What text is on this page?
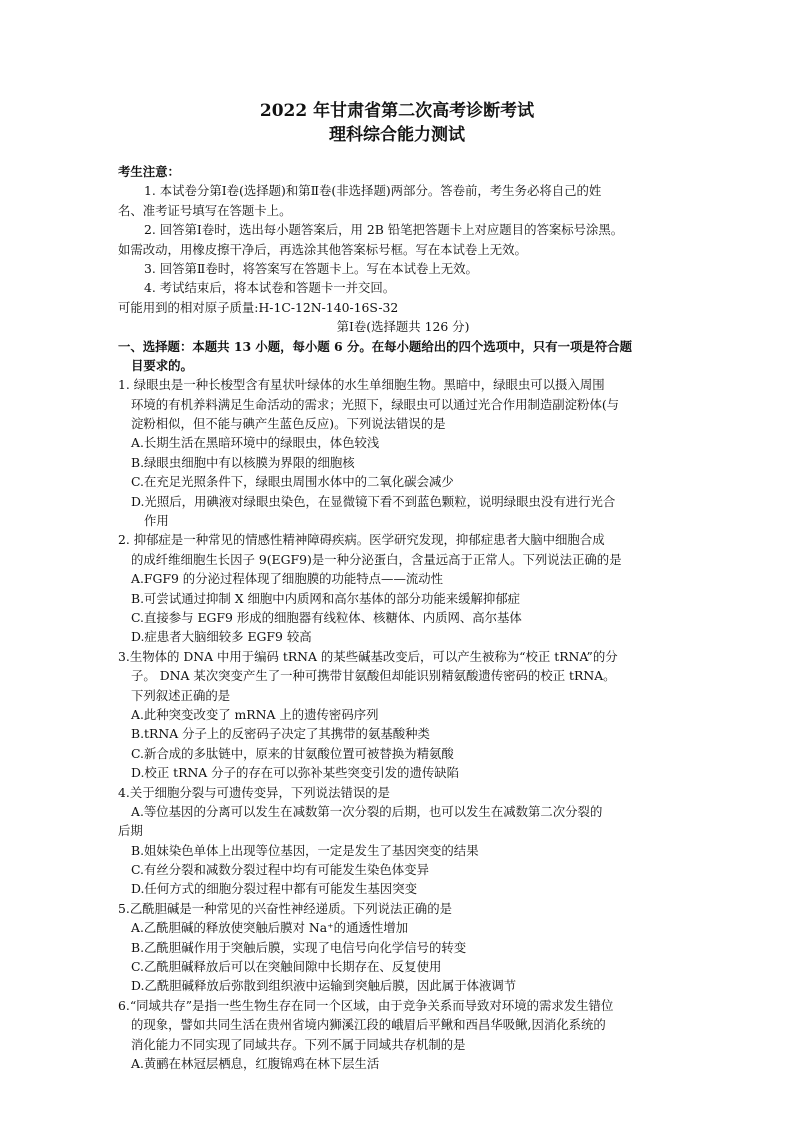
2022 年甘肃省第二次高考诊断考试
理科综合能力测试
考生注意：
1. 本试卷分第Ⅰ卷(选择题)和第Ⅱ卷(非选择题)两部分。答卷前，考生务必将自己的姓
名、准考证号填写在答题卡上。
2. 回答第Ⅰ卷时，选出每小题答案后，用 2B 铅笔把答题卡上对应题目的答案标号涂黑。
如需改动，用橡皮擦干净后，再选涂其他答案标号框。写在本试卷上无效。
3. 回答第Ⅱ卷时，将答案写在答题卡上。写在本试卷上无效。
4. 考试结束后，将本试卷和答题卡一并交回。
可能用到的相对原子质量:H-1C-12N-140-16S-32
第Ⅰ卷(选择题共 126 分)
一、选择题：本题共 13 小题，每小题 6 分。在每小题给出的四个选项中，只有一项是符合题
目要求的。
1. 绿眼虫是一种长梭型含有星状叶绿体的水生单细胞生物。黑暗中，绿眼虫可以摄入周围
环境的有机养料满足生命活动的需求；光照下，绿眼虫可以通过光合作用制造副淀粉体(与
淀粉相似，但不能与碘产生蓝色反应)。下列说法错误的是
A.长期生活在黑暗环境中的绿眼虫，体色较浅
B.绿眼虫细胞中有以核膜为界限的细胞核
C.在充足光照条件下，绿眼虫周围水体中的二氧化碳会减少
D.光照后，用碘液对绿眼虫染色，在显微镜下看不到蓝色颗粒，说明绿眼虫没有进行光合
作用
2. 抑郁症是一种常见的情感性精神障碍疾病。医学研究发现，抑郁症患者大脑中细胞合成
的成纤维细胞生长因子 9(EGF9)是一种分泌蛋白，含量远高于正常人。下列说法正确的是
A.FGF9 的分泌过程体现了细胞膜的功能特点——流动性
B.可尝试通过抑制 X 细胞中内质网和高尔基体的部分功能来缓解抑郁症
C.直接参与 EGF9 形成的细胞器有线粒体、核糖体、内质网、高尔基体
D.症患者大脑细较多 EGF9 较高
3.生物体的 DNA 中用于编码 tRNA 的某些碱基改变后，可以产生被称为“校正 tRNA”的分
子。 DNA 某次突变产生了一种可携带甘氨酸但却能识别精氨酸遗传密码的校正 tRNA。
下列叙述正确的是
A.此种突变改变了 mRNA 上的遗传密码序列
B.tRNA 分子上的反密码子决定了其携带的氨基酸种类
C.新合成的多肽链中，原来的甘氨酸位置可被替换为精氨酸
D.校正 tRNA 分子的存在可以弥补某些突变引发的遗传缺陷
4.关于细胞分裂与可遗传变异，下列说法错误的是
A.等位基因的分离可以发生在减数第一次分裂的后期，也可以发生在减数第二次分裂的
后期
B.姐妹染色单体上出现等位基因，一定是发生了基因突变的结果
C.有丝分裂和减数分裂过程中均有可能发生染色体变异
D.任何方式的细胞分裂过程中都有可能发生基因突变
5.乙酰胆碱是一种常见的兴奋性神经递质。下列说法正确的是
A.乙酰胆碱的释放使突触后膜对 Na⁺的通透性增加
B.乙酰胆碱作用于突触后膜，实现了电信号向化学信号的转变
C.乙酰胆碱释放后可以在突触间隙中长期存在、反复使用
D.乙酰胆碱释放后弥散到组织液中运输到突触后膜，因此属于体液调节
6.“同域共存”是指一些生物生存在同一个区域，由于竞争关系而导致对环境的需求发生错位
的现象，譬如共同生活在贵州省境内狮溪江段的峨眉后平鳅和西昌华吸鳅,因消化系统的
消化能力不同实现了同域共存。下列不属于同域共存机制的是
A.黄鹂在林冠层栖息，红腹锦鸡在林下层生活
